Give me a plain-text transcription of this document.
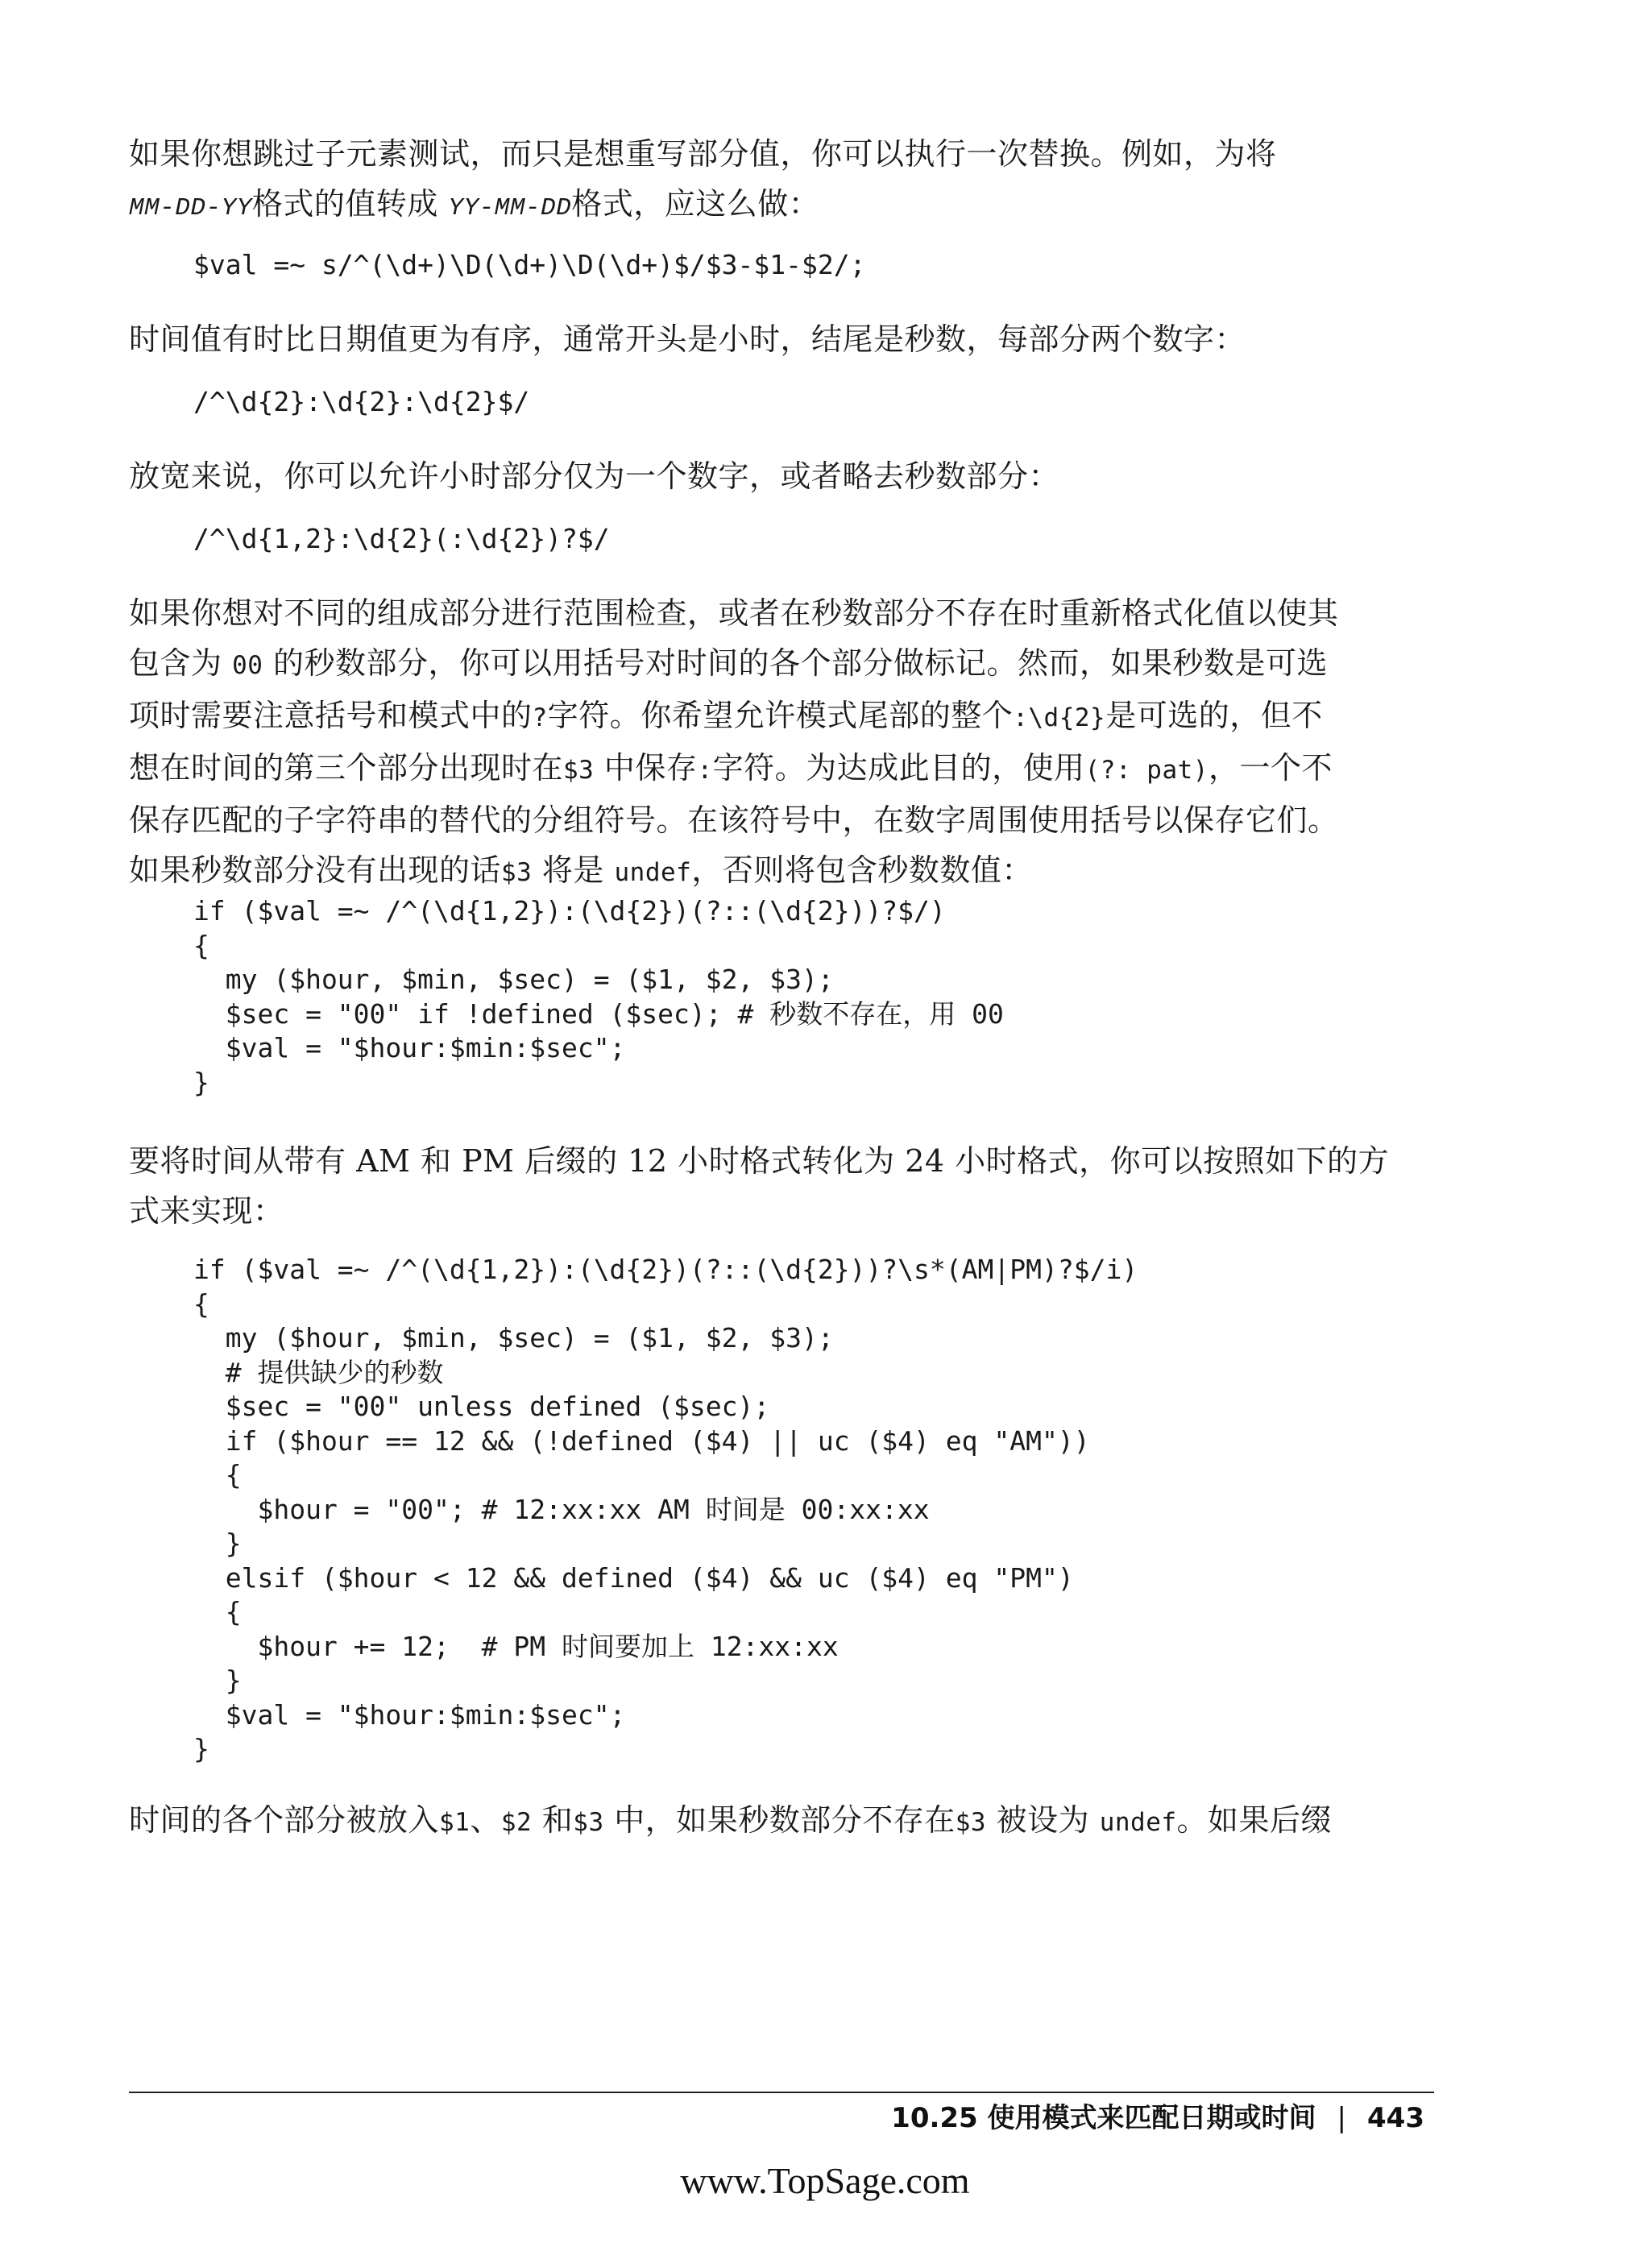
如果你想跳过子元素测试，而只是想重写部分值，你可以执行一次替换。例如，为将
MM-DD-YY格式的值转成 YY-MM-DD格式，应这么做：

$val =~ s/^(\d+)\D(\d+)\D(\d+)$/$3-$1-$2/;

时间值有时比日期值更为有序，通常开头是小时，结尾是秒数，每部分两个数字：

/^\d{2}:\d{2}:\d{2}$/

放宽来说，你可以允许小时部分仅为一个数字，或者略去秒数部分：

/^\d{1,2}:\d{2}(:\d{2})?$/

如果你想对不同的组成部分进行范围检查，或者在秒数部分不存在时重新格式化值以使其
包含为 00 的秒数部分，你可以用括号对时间的各个部分做标记。然而，如果秒数是可选
项时需要注意括号和模式中的?字符。你希望允许模式尾部的整个:\d{2}是可选的，但不
想在时间的第三个部分出现时在$3 中保存:字符。为达成此目的，使用(?: pat)，一个不
保存匹配的子字符串的替代的分组符号。在该符号中，在数字周围使用括号以保存它们。
如果秒数部分没有出现的话$3 将是 undef，否则将包含秒数数值：

if ($val =~ /^(\d{1,2}):(\d{2})(?::(\d{2}))?$/)
{
my ($hour, $min, $sec) = ($1, $2, $3);
$sec = "00" if !defined ($sec); # 秒数不存在，用 00
$val = "$hour:$min:$sec";
}

要将时间从带有 AM 和 PM 后缀的 12 小时格式转化为 24 小时格式，你可以按照如下的方
式来实现：

if ($val =~ /^(\d{1,2}):(\d{2})(?::(\d{2}))?\s*(AM|PM)?$/i)
{
my ($hour, $min, $sec) = ($1, $2, $3);
# 提供缺少的秒数
$sec = "00" unless defined ($sec);
if ($hour == 12 && (!defined ($4) || uc ($4) eq "AM"))
{
$hour = "00"; # 12:xx:xx AM 时间是 00:xx:xx
}
elsif ($hour < 12 && defined ($4) && uc ($4) eq "PM")
{
$hour += 12;  # PM 时间要加上 12:xx:xx
}
$val = "$hour:$min:$sec";
}

时间的各个部分被放入$1、$2 和$3 中，如果秒数部分不存在$3 被设为 undef。如果后缀

10.25 使用模式来匹配日期或时间 | 443
www.TopSage.com
